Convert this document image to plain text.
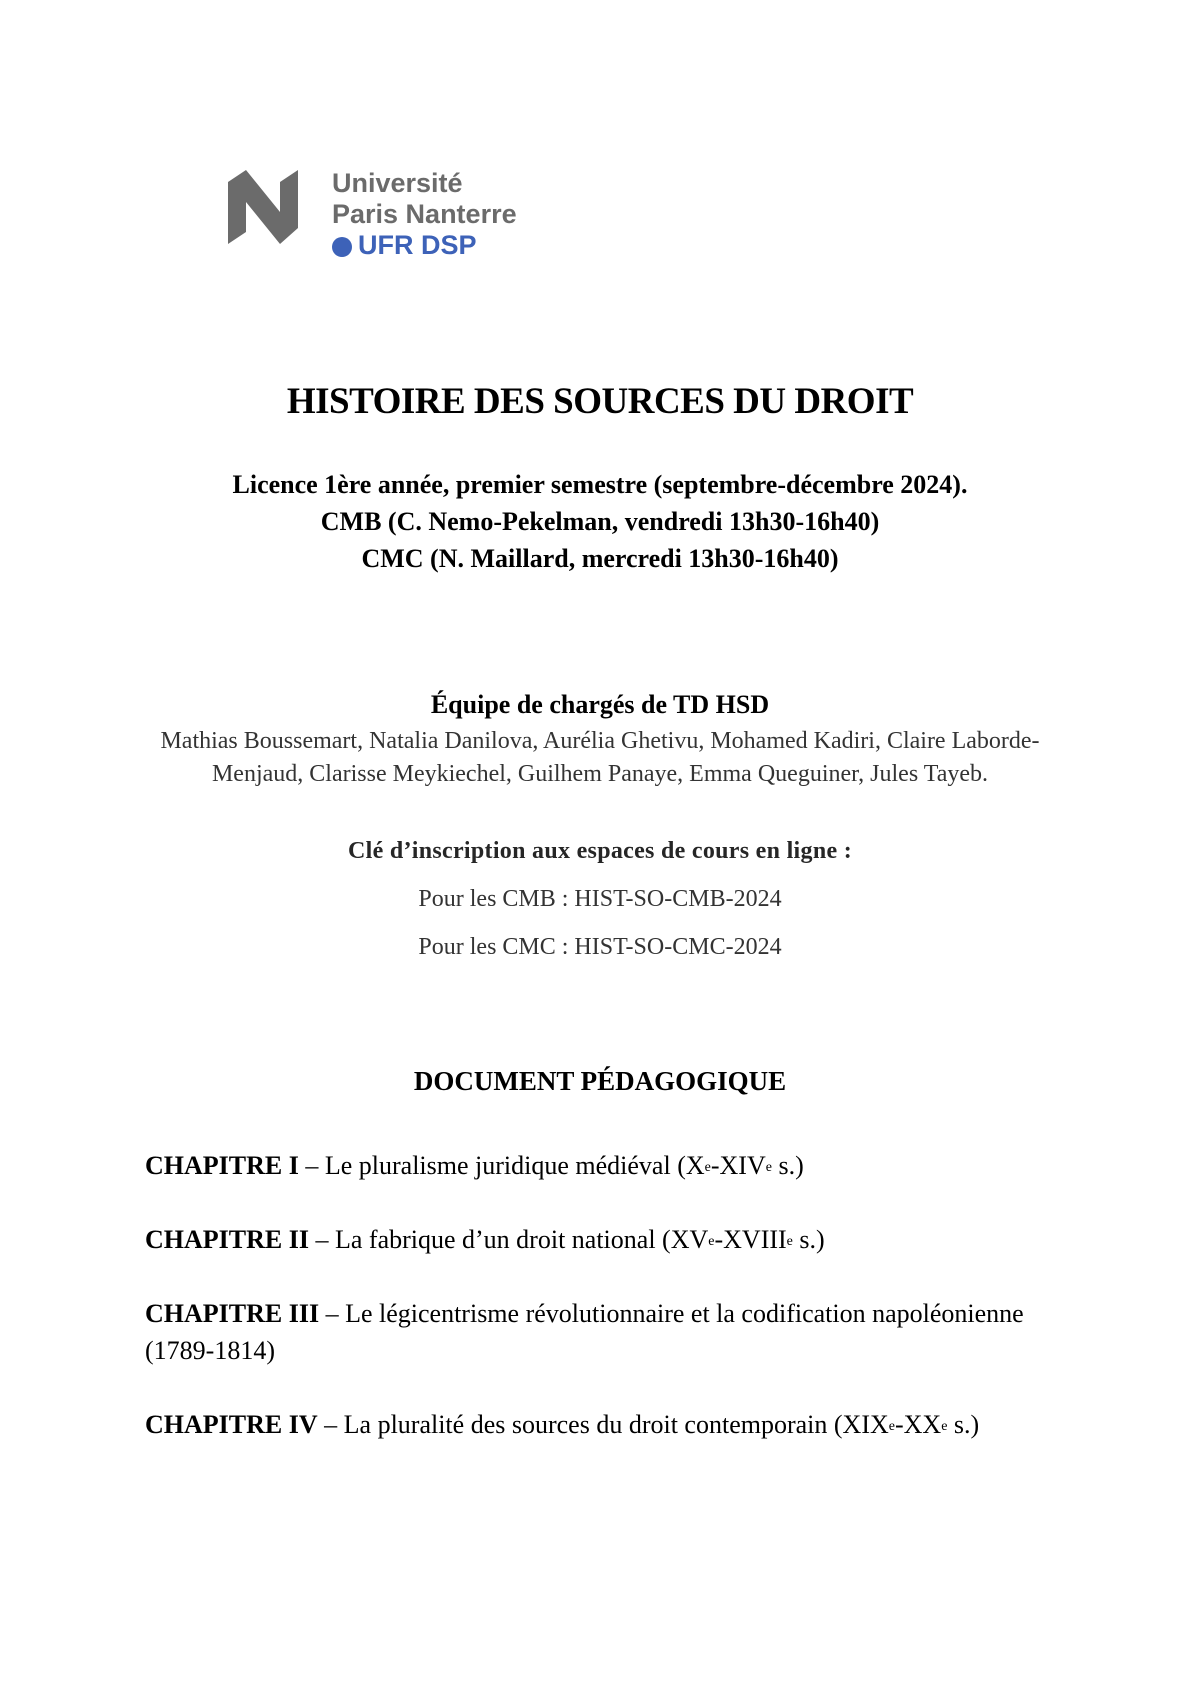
Université
Paris Nanterre
UFR DSP
HISTOIRE DES SOURCES DU DROIT
Licence 1ère année, premier semestre (septembre-décembre 2024).
CMB (C. Nemo-Pekelman, vendredi 13h30-16h40)
CMC (N. Maillard, mercredi 13h30-16h40)
Équipe de chargés de TD HSD
Mathias Boussemart, Natalia Danilova, Aurélia Ghetivu, Mohamed Kadiri, Claire Laborde-Menjaud, Clarisse Meykiechel, Guilhem Panaye, Emma Queguiner, Jules Tayeb.
Clé d’inscription aux espaces de cours en ligne :
Pour les CMB : HIST-SO-CMB-2024
Pour les CMC : HIST-SO-CMC-2024
DOCUMENT PÉDAGOGIQUE
CHAPITRE I – Le pluralisme juridique médiéval (Xe-XIVe s.)
CHAPITRE II – La fabrique d’un droit national (XVe-XVIIIe s.)
CHAPITRE III – Le légicentrisme révolutionnaire et la codification napoléonienne (1789-1814)
CHAPITRE IV – La pluralité des sources du droit contemporain (XIXe-XXe s.)
